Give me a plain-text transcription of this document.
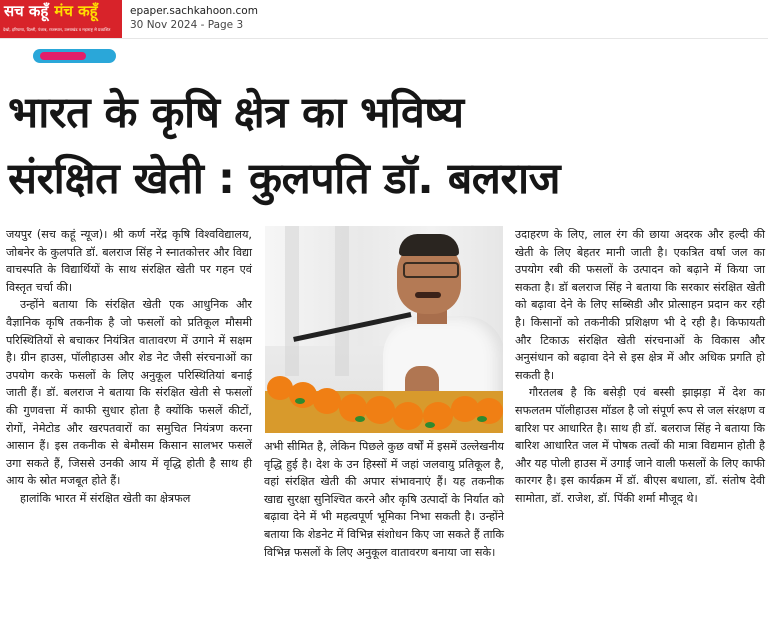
सच कहूँ मंच कहूँ
देखो, हरियाणा, दिल्ली, पंजाब, राजस्थान, उत्तराखंड व महाराष्ट्र से प्रकाशित
epaper.sachkahoon.com
30 Nov 2024 - Page 3
भारत के कृषि क्षेत्र का भविष्य
संरक्षित खेती : कुलपति डॉ. बलराज

जयपुर (सच कहूं न्यूज)। श्री कर्ण नरेंद्र कृषि विश्वविद्यालय, जोबनेर के कुलपति डॉ. बलराज सिंह ने स्नातकोत्तर और विद्या वाचस्पति के विद्यार्थियों के साथ संरक्षित खेती पर गहन एवं विस्तृत चर्चा की।

उन्होंने बताया कि संरक्षित खेती एक आधुनिक और वैज्ञानिक कृषि तकनीक है जो फसलों को प्रतिकूल मौसमी परिस्थितियों से बचाकर नियंत्रित वातावरण में उगाने में सक्षम है। ग्रीन हाउस, पॉलीहाउस और शेड नेट जैसी संरचनाओं का उपयोग करके फसलों के लिए अनुकूल परिस्थितियां बनाई जाती हैं। डॉ. बलराज ने बताया कि संरक्षित खेती से फसलों की गुणवत्ता में काफी सुधार होता है क्योंकि फसलें कीटों, रोगों, नेमेटोड और खरपतवारों का समुचित नियंत्रण करना आसान हैं। इस तकनीक से बेमौसम किसान सालभर फसलें उगा सकते हैं, जिससे उनकी आय में वृद्धि होती है साथ ही आय के स्रोत मजबूत होते हैं।

हालांकि भारत में संरक्षित खेती का क्षेत्रफल

अभी सीमित है, लेकिन पिछले कुछ वर्षों में इसमें उल्लेखनीय वृद्धि हुई है। देश के उन हिस्सों में जहां जलवायु प्रतिकूल है, वहां संरक्षित खेती की अपार संभावनाएं हैं। यह तकनीक खाद्य सुरक्षा सुनिश्चित करने और कृषि उत्पादों के निर्यात को बढ़ावा देने में भी महत्वपूर्ण भूमिका निभा सकती है। उन्होंने बताया कि शेडनेट में विभिन्न संशोधन किए जा सकते हैं ताकि विभिन्न फसलों के लिए अनुकूल वातावरण बनाया जा सके।

उदाहरण के लिए, लाल रंग की छाया अदरक और हल्दी की खेती के लिए बेहतर मानी जाती है। एकत्रित वर्षा जल का उपयोग रबी की फसलों के उत्पादन को बढ़ाने में किया जा सकता है। डॉ बलराज सिंह ने बताया कि सरकार संरक्षित खेती को बढ़ावा देने के लिए सब्सिडी और प्रोत्साहन प्रदान कर रही है। किसानों को तकनीकी प्रशिक्षण भी दे रही है। किफायती और टिकाऊ संरक्षित खेती संरचनाओं के विकास और अनुसंधान को बढ़ावा देने से इस क्षेत्र में और अधिक प्रगति हो सकती है।

गौरतलब है कि बसेड़ी एवं बस्सी झाझड़ा में देश का सफलतम पॉलीहाउस मॉडल है जो संपूर्ण रूप से जल संरक्षण व बारिश पर आधारित है। साथ ही डॉ. बलराज सिंह ने बताया कि बारिश आधारित जल में पोषक तत्वों की मात्रा विद्यमान होती है और यह पोली हाउस में उगाई जाने वाली फसलों के लिए काफी कारगर है। इस कार्यक्रम में डॉ. बीएस बधाला, डॉ. संतोष देवी सामोता, डॉ. राजेश, डॉ. पिंकी शर्मा मौजूद थे।
